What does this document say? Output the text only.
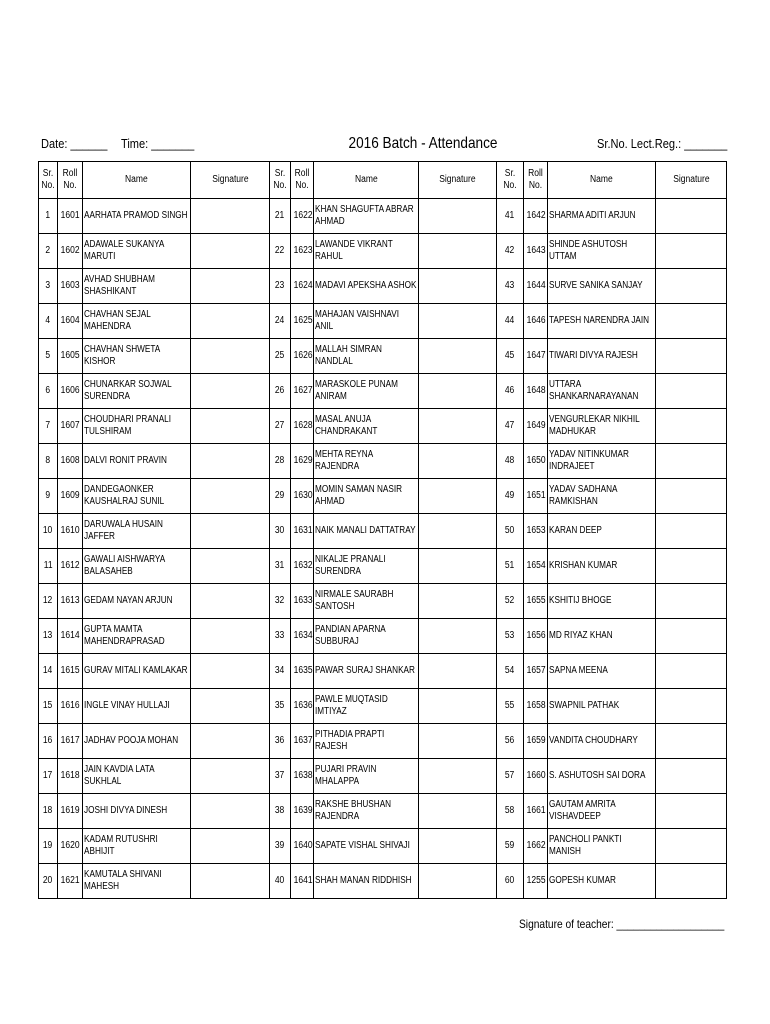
Date: ______ Time: _______	2016 Batch - Attendance	Sr.No. Lect.Reg.: _______
Sr. No.	Roll No.	Name	Signature	Sr. No.	Roll No.	Name	Signature	Sr. No.	Roll No.	Name	Signature
1	1601	AARHATA PRAMOD SINGH		21	1622	KHAN SHAGUFTA ABRAR AHMAD		41	1642	SHARMA ADITI ARJUN	
2	1602	ADAWALE SUKANYA MARUTI		22	1623	LAWANDE VIKRANT RAHUL		42	1643	SHINDE ASHUTOSH UTTAM	
3	1603	AVHAD SHUBHAM SHASHIKANT		23	1624	MADAVI APEKSHA ASHOK		43	1644	SURVE SANIKA SANJAY	
4	1604	CHAVHAN SEJAL MAHENDRA		24	1625	MAHAJAN VAISHNAVI ANIL		44	1646	TAPESH NARENDRA JAIN	
5	1605	CHAVHAN SHWETA KISHOR		25	1626	MALLAH SIMRAN NANDLAL		45	1647	TIWARI DIVYA RAJESH	
6	1606	CHUNARKAR SOJWAL SURENDRA		26	1627	MARASKOLE PUNAM ANIRAM		46	1648	UTTARA SHANKARNARAYANAN	
7	1607	CHOUDHARI PRANALI TULSHIRAM		27	1628	MASAL ANUJA CHANDRAKANT		47	1649	VENGURLEKAR NIKHIL MADHUKAR	
8	1608	DALVI RONIT PRAVIN		28	1629	MEHTA REYNA RAJENDRA		48	1650	YADAV NITINKUMAR INDRAJEET	
9	1609	DANDEGAONKER KAUSHALRAJ SUNIL		29	1630	MOMIN SAMAN NASIR AHMAD		49	1651	YADAV SADHANA RAMKISHAN	
10	1610	DARUWALA HUSAIN JAFFER		30	1631	NAIK MANALI DATTATRAY		50	1653	KARAN DEEP	
11	1612	GAWALI AISHWARYA BALASAHEB		31	1632	NIKALJE PRANALI SURENDRA		51	1654	KRISHAN KUMAR	
12	1613	GEDAM NAYAN ARJUN		32	1633	NIRMALE SAURABH SANTOSH		52	1655	KSHITIJ BHOGE	
13	1614	GUPTA MAMTA MAHENDRAPRASAD		33	1634	PANDIAN APARNA SUBBURAJ		53	1656	MD RIYAZ KHAN	
14	1615	GURAV MITALI KAMLAKAR		34	1635	PAWAR SURAJ SHANKAR		54	1657	SAPNA MEENA	
15	1616	INGLE VINAY HULLAJI		35	1636	PAWLE MUQTASID IMTIYAZ		55	1658	SWAPNIL PATHAK	
16	1617	JADHAV POOJA MOHAN		36	1637	PITHADIA PRAPTI RAJESH		56	1659	VANDITA CHOUDHARY	
17	1618	JAIN KAVDIA LATA SUKHLAL		37	1638	PUJARI PRAVIN MHALAPPA		57	1660	S. ASHUTOSH SAI DORA	
18	1619	JOSHI DIVYA DINESH		38	1639	RAKSHE BHUSHAN RAJENDRA		58	1661	GAUTAM AMRITA VISHAVDEEP	
19	1620	KADAM RUTUSHRI ABHIJIT		39	1640	SAPATE VISHAL SHIVAJI		59	1662	PANCHOLI PANKTI MANISH	
20	1621	KAMUTALA SHIVANI MAHESH		40	1641	SHAH MANAN RIDDHISH		60	1255	GOPESH KUMAR	
Signature of teacher: ___________________
